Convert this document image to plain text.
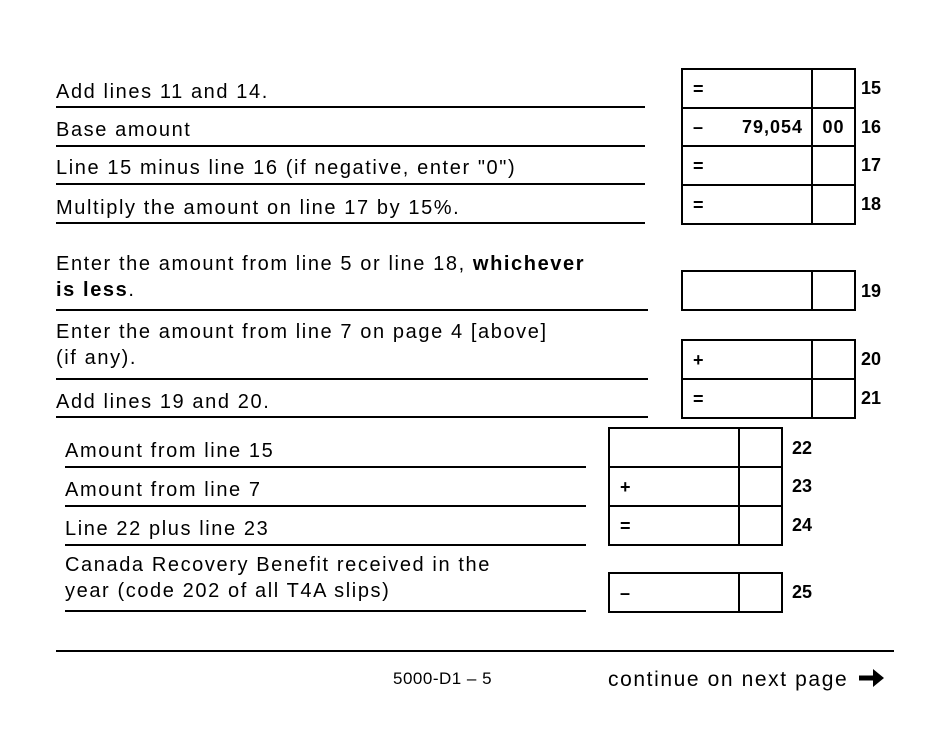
Add lines 11 and 14.	=	15
Base amount	– 79,054	00 16
Line 15 minus line 16 (if negative, enter "0")	=	17
Multiply the amount on line 17 by 15%.	=	18
Enter the amount from line 5 or line 18, whichever
is less.	19
Enter the amount from line 7 on page 4 [above]
(if any).	+	20
Add lines 19 and 20.	=	21
Amount from line 15	22
Amount from line 7	+	23
Line 22 plus line 23	=	24
Canada Recovery Benefit received in the
year (code 202 of all T4A slips)	–	25
5000-D1 – 5	continue on next page
